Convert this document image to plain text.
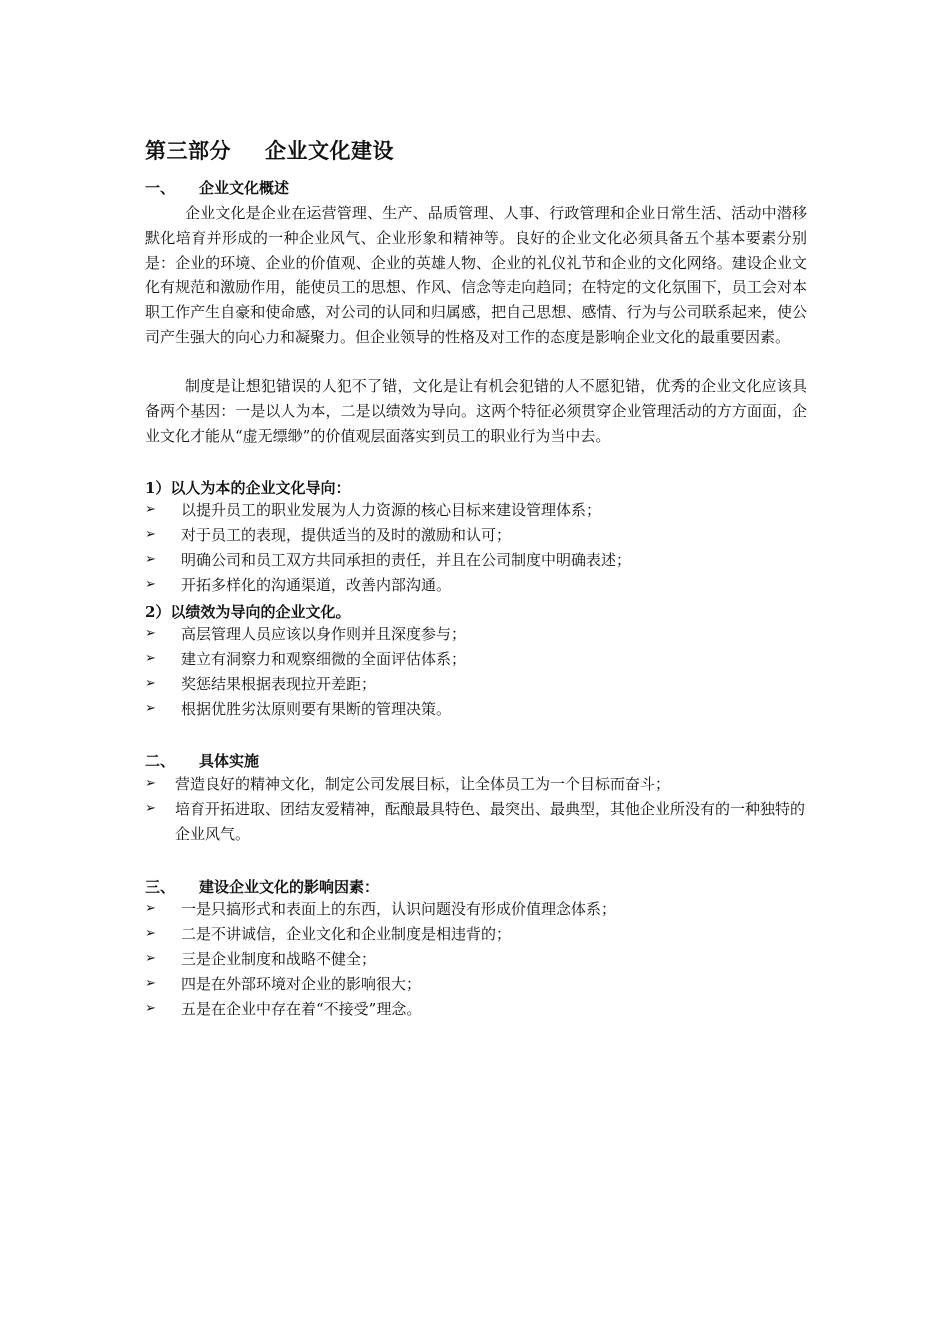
第三部分 企业文化建设
一、 企业文化概述

企业文化是企业在运营管理、生产、品质管理、人事、行政管理和企业日常生活、活动中潜移默化培育并形成的一种企业风气、企业形象和精神等。良好的企业文化必须具备五个基本要素分别是：企业的环境、企业的价值观、企业的英雄人物、企业的礼仪礼节和企业的文化网络。建设企业文化有规范和激励作用，能使员工的思想、作风、信念等走向趋同；在特定的文化氛围下，员工会对本职工作产生自豪和使命感，对公司的认同和归属感，把自己思想、感情、行为与公司联系起来，使公司产生强大的向心力和凝聚力。但企业领导的性格及对工作的态度是影响企业文化的最重要因素。

制度是让想犯错误的人犯不了错，文化是让有机会犯错的人不愿犯错，优秀的企业文化应该具备两个基因：一是以人为本，二是以绩效为导向。这两个特征必须贯穿企业管理活动的方方面面，企业文化才能从“虚无缥缈”的价值观层面落实到员工的职业行为当中去。

1）以人为本的企业文化导向：
➢ 以提升员工的职业发展为人力资源的核心目标来建设管理体系；
➢ 对于员工的表现，提供适当的及时的激励和认可；
➢ 明确公司和员工双方共同承担的责任，并且在公司制度中明确表述；
➢ 开拓多样化的沟通渠道，改善内部沟通。
2）以绩效为导向的企业文化。
➢ 高层管理人员应该以身作则并且深度参与；
➢ 建立有洞察力和观察细微的全面评估体系；
➢ 奖惩结果根据表现拉开差距；
➢ 根据优胜劣汰原则要有果断的管理决策。
二、 具体实施
➢ 营造良好的精神文化，制定公司发展目标，让全体员工为一个目标而奋斗；
➢ 培育开拓进取、团结友爱精神，酝酿最具特色、最突出、最典型，其他企业所没有的一种独特的企业风气。
三、 建设企业文化的影响因素：
➢ 一是只搞形式和表面上的东西，认识问题没有形成价值理念体系；
➢ 二是不讲诚信，企业文化和企业制度是相违背的；
➢ 三是企业制度和战略不健全；
➢ 四是在外部环境对企业的影响很大；
➢ 五是在企业中存在着“不接受”理念。
